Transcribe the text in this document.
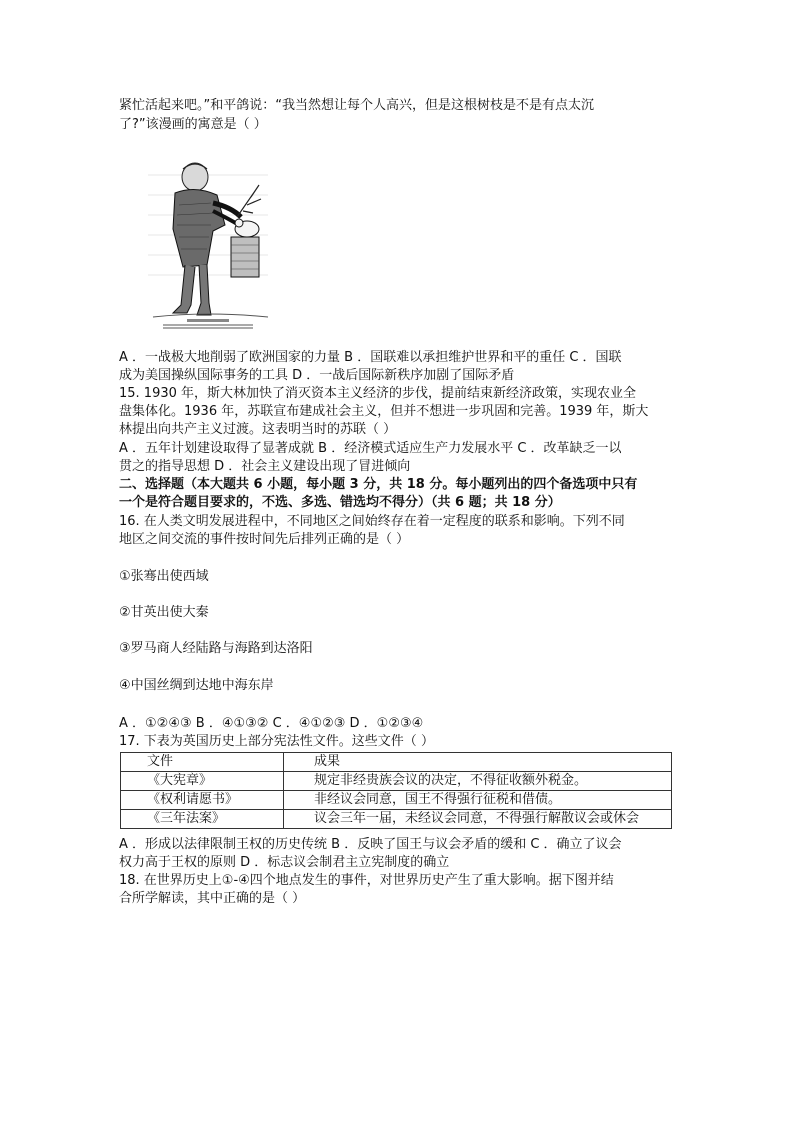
紧忙活起来吧。”和平鸽说：“我当然想让每个人高兴，但是这根树枝是不是有点太沉
了?”该漫画的寓意是（ ）
A ．一战极大地削弱了欧洲国家的力量 B ．国联难以承担维护世界和平的重任 C ．国联
成为美国操纵国际事务的工具 D ．一战后国际新秩序加剧了国际矛盾
15. 1930 年，斯大林加快了消灭资本主义经济的步伐，提前结束新经济政策，实现农业全
盘集体化。1936 年，苏联宣布建成社会主义，但并不想进一步巩固和完善。1939 年，斯大
林提出向共产主义过渡。这表明当时的苏联（ ）
A ．五年计划建设取得了显著成就 B ．经济模式适应生产力发展水平 C ．改革缺乏一以
贯之的指导思想 D ．社会主义建设出现了冒进倾向
二、选择题（本大题共 6 小题，每小题 3 分，共 18 分。每小题列出的四个备选项中只有
一个是符合题目要求的，不选、多选、错选均不得分）（共 6 题；共 18 分）
16. 在人类文明发展进程中，不同地区之间始终存在着一定程度的联系和影响。下列不同
地区之间交流的事件按时间先后排列正确的是（ ）
①张骞出使西域
②甘英出使大秦
③罗马商人经陆路与海路到达洛阳
④中国丝绸到达地中海东岸
A ．①②④③ B ．④①③② C ．④①②③ D ．①②③④
17. 下表为英国历史上部分宪法性文件。这些文件（ ）
文件	成果
《大宪章》	规定非经贵族会议的决定，不得征收额外税金。
《权利请愿书》	非经议会同意，国王不得强行征税和借债。
《三年法案》	议会三年一届，未经议会同意，不得强行解散议会或休会
A ．形成以法律限制王权的历史传统 B ．反映了国王与议会矛盾的缓和 C ．确立了议会
权力高于王权的原则 D ．标志议会制君主立宪制度的确立
18. 在世界历史上①-④四个地点发生的事件，对世界历史产生了重大影响。据下图并结
合所学解读，其中正确的是（ ）
